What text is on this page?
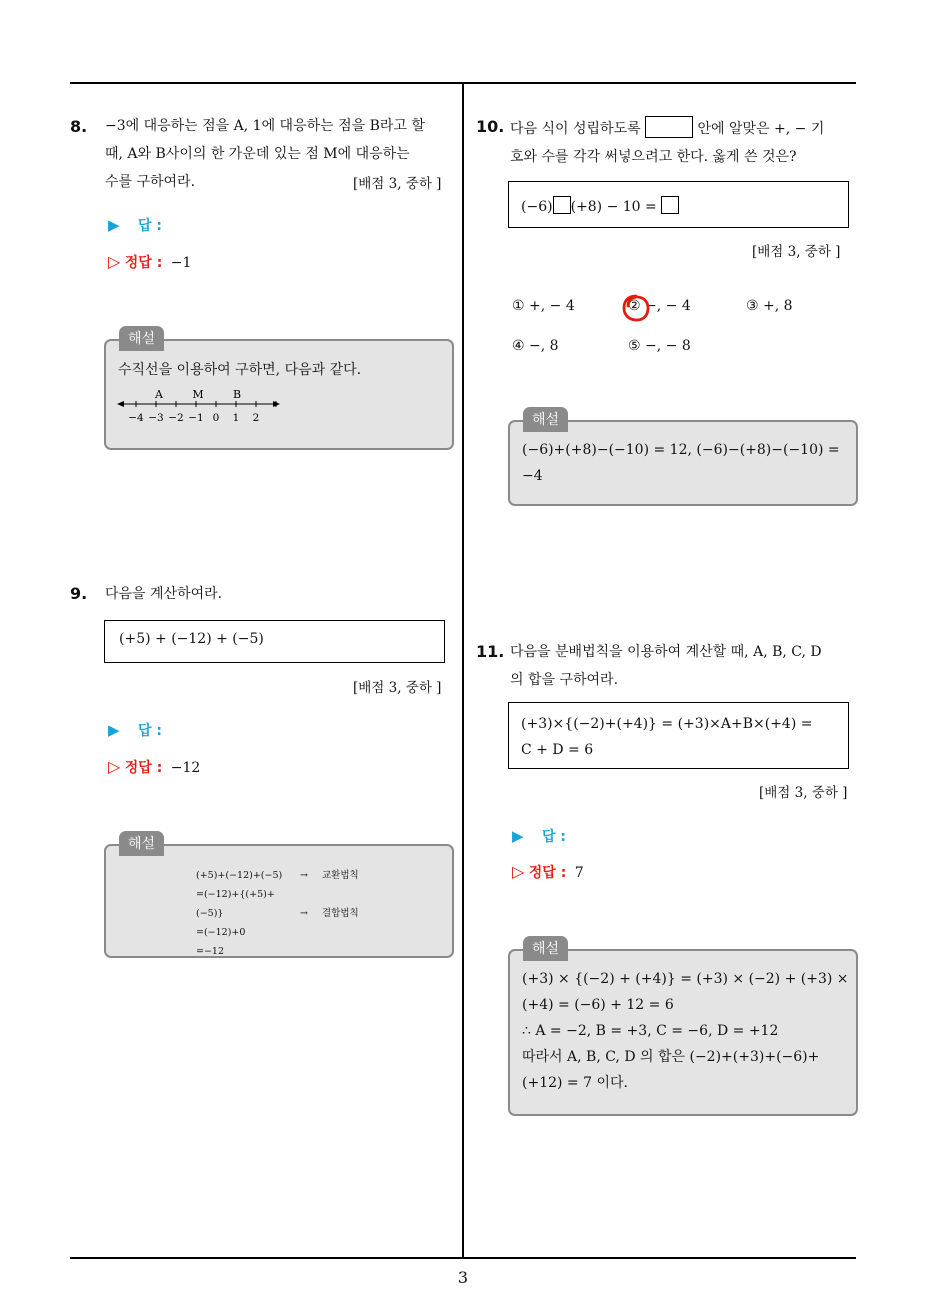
3
8. −3에 대응하는 점을 A, 1에 대응하는 점을 B라고 할
때, A와 B사이의 한 가운데 있는 점 M에 대응하는
수를 구하여라.	[배점 3, 중하 ]
▶ 답 :
▷ 정답 : −1
해설
수직선을 이용하여 구하면, 다음과 같다.
A	M	B
−4 −3 −2 −1 0 1 2
9. 다음을 계산하여라.
(+5) + (−12) + (−5)
[배점 3, 중하 ]
▶ 답 :
▷ 정답 : −12
해설
(+5)+(−12)+(−5) → 교환법칙
=(−12)+{(+5)+(−5)}	→ 결합법칙
=(−12)+0
=−12
10. 다음 식이 성립하도록	안에 알맞은 +, − 기
호와 수를 각각 써넣으려고 한다. 옳게 쓴 것은?
(−6) (+8) − 10 =
[배점 3, 중하 ]
① +, − 4	② −, − 4	③ +, 8
④ −, 8	⑤ −, − 8
해설
(−6)+(+8)−(−10) = 12, (−6)−(+8)−(−10) =
−4
11. 다음을 분배법칙을 이용하여 계산할 때, A, B, C, D
의 합을 구하여라.
(+3)×{(−2)+(+4)} = (+3)×A+B×(+4) =
C + D = 6
[배점 3, 중하 ]
▶ 답 :
▷ 정답 : 7
해설
(+3) × {(−2) + (+4)} = (+3) × (−2) + (+3) ×
(+4) = (−6) + 12 = 6
∴ A = −2, B = +3, C = −6, D = +12
따라서 A, B, C, D 의 합은 (−2)+(+3)+(−6)+
(+12) = 7 이다.
